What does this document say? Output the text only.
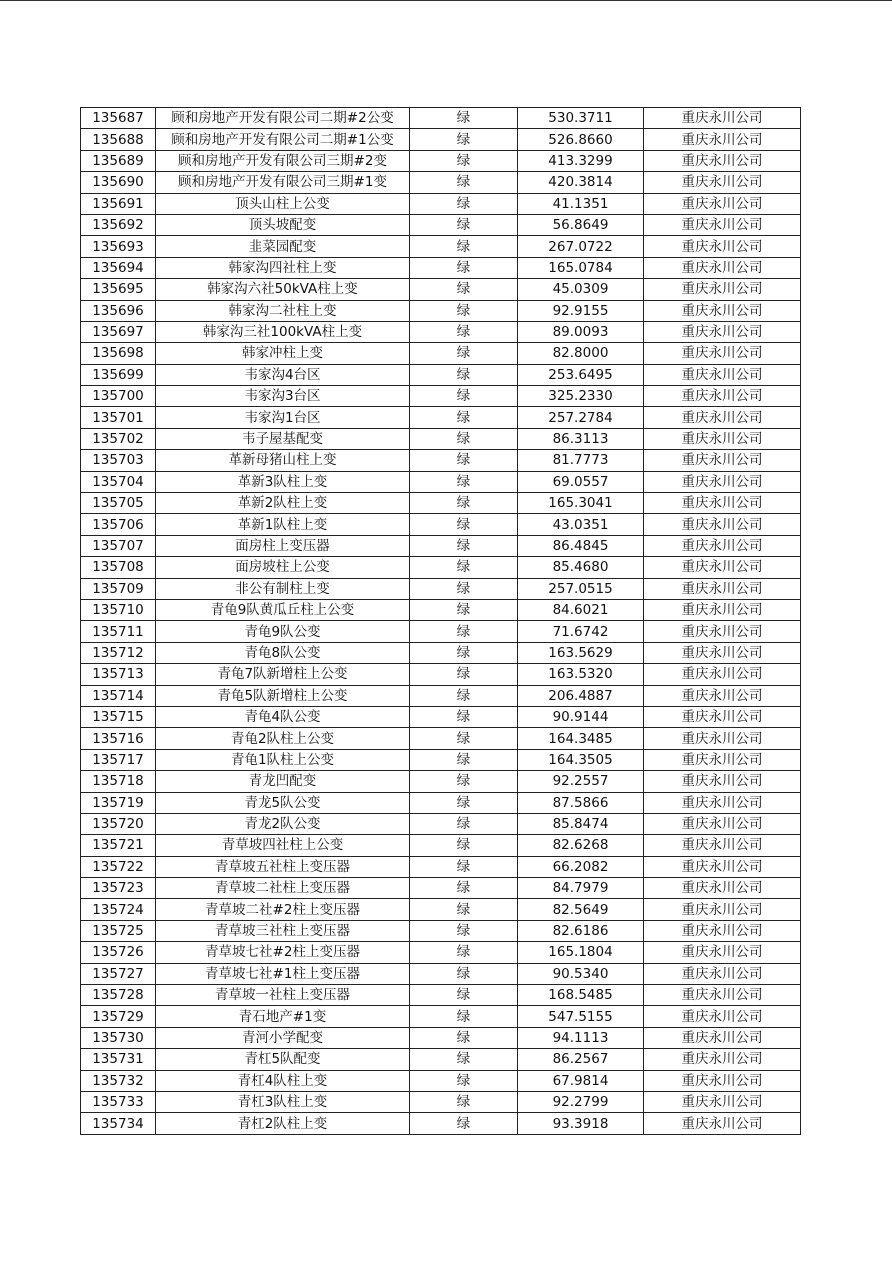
135687	顾和房地产开发有限公司二期#2公变	绿	530.3711	重庆永川公司
135688	顾和房地产开发有限公司二期#1公变	绿	526.8660	重庆永川公司
135689	顾和房地产开发有限公司三期#2变	绿	413.3299	重庆永川公司
135690	顾和房地产开发有限公司三期#1变	绿	420.3814	重庆永川公司
135691	顶头山柱上公变	绿	41.1351	重庆永川公司
135692	顶头坡配变	绿	56.8649	重庆永川公司
135693	韭菜园配变	绿	267.0722	重庆永川公司
135694	韩家沟四社柱上变	绿	165.0784	重庆永川公司
135695	韩家沟六社50kVA柱上变	绿	45.0309	重庆永川公司
135696	韩家沟二社柱上变	绿	92.9155	重庆永川公司
135697	韩家沟三社100kVA柱上变	绿	89.0093	重庆永川公司
135698	韩家冲柱上变	绿	82.8000	重庆永川公司
135699	韦家沟4台区	绿	253.6495	重庆永川公司
135700	韦家沟3台区	绿	325.2330	重庆永川公司
135701	韦家沟1台区	绿	257.2784	重庆永川公司
135702	韦子屋基配变	绿	86.3113	重庆永川公司
135703	革新母猪山柱上变	绿	81.7773	重庆永川公司
135704	革新3队柱上变	绿	69.0557	重庆永川公司
135705	革新2队柱上变	绿	165.3041	重庆永川公司
135706	革新1队柱上变	绿	43.0351	重庆永川公司
135707	面房柱上变压器	绿	86.4845	重庆永川公司
135708	面房坡柱上公变	绿	85.4680	重庆永川公司
135709	非公有制柱上变	绿	257.0515	重庆永川公司
135710	青龟9队黄瓜丘柱上公变	绿	84.6021	重庆永川公司
135711	青龟9队公变	绿	71.6742	重庆永川公司
135712	青龟8队公变	绿	163.5629	重庆永川公司
135713	青龟7队新增柱上公变	绿	163.5320	重庆永川公司
135714	青龟5队新增柱上公变	绿	206.4887	重庆永川公司
135715	青龟4队公变	绿	90.9144	重庆永川公司
135716	青龟2队柱上公变	绿	164.3485	重庆永川公司
135717	青龟1队柱上公变	绿	164.3505	重庆永川公司
135718	青龙凹配变	绿	92.2557	重庆永川公司
135719	青龙5队公变	绿	87.5866	重庆永川公司
135720	青龙2队公变	绿	85.8474	重庆永川公司
135721	青草坡四社柱上公变	绿	82.6268	重庆永川公司
135722	青草坡五社柱上变压器	绿	66.2082	重庆永川公司
135723	青草坡二社柱上变压器	绿	84.7979	重庆永川公司
135724	青草坡二社#2柱上变压器	绿	82.5649	重庆永川公司
135725	青草坡三社柱上变压器	绿	82.6186	重庆永川公司
135726	青草坡七社#2柱上变压器	绿	165.1804	重庆永川公司
135727	青草坡七社#1柱上变压器	绿	90.5340	重庆永川公司
135728	青草坡一社柱上变压器	绿	168.5485	重庆永川公司
135729	青石地产#1变	绿	547.5155	重庆永川公司
135730	青河小学配变	绿	94.1113	重庆永川公司
135731	青杠5队配变	绿	86.2567	重庆永川公司
135732	青杠4队柱上变	绿	67.9814	重庆永川公司
135733	青杠3队柱上变	绿	92.2799	重庆永川公司
135734	青杠2队柱上变	绿	93.3918	重庆永川公司
